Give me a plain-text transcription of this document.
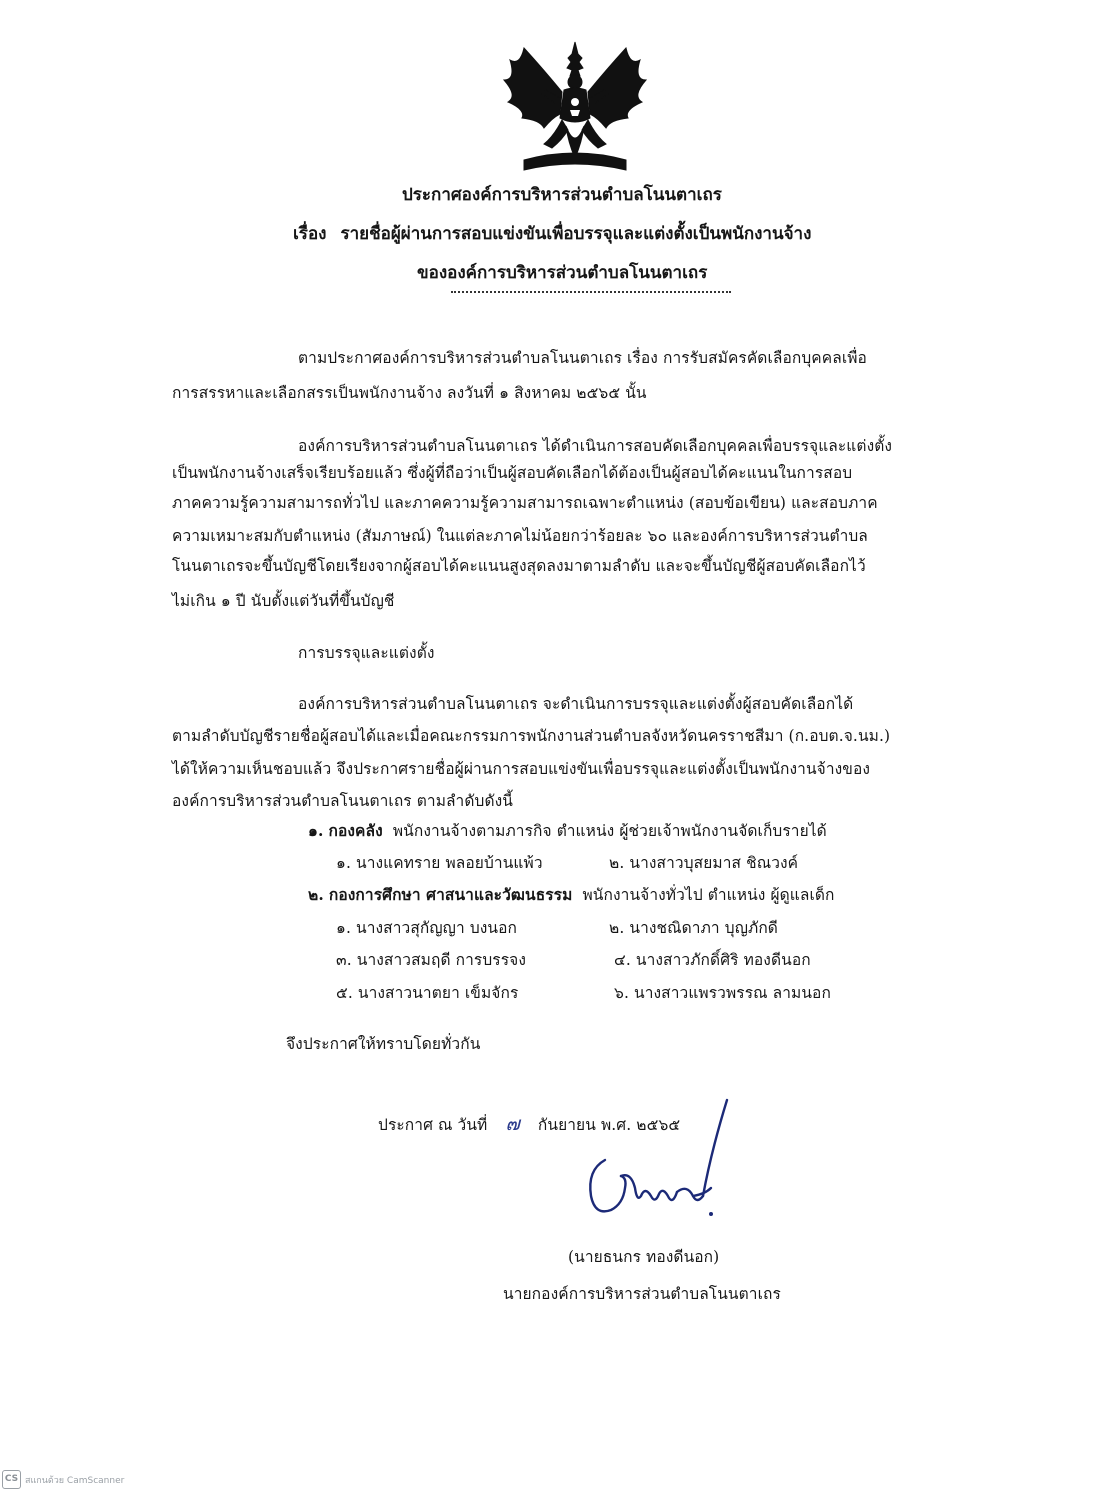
ประกาศองค์การบริหารส่วนตำบลโนนตาเถร
เรื่อง รายชื่อผู้ผ่านการสอบแข่งขันเพื่อบรรจุและแต่งตั้งเป็นพนักงานจ้าง
ขององค์การบริหารส่วนตำบลโนนตาเถร
ตามประกาศองค์การบริหารส่วนตำบลโนนตาเถร เรื่อง การรับสมัครคัดเลือกบุคคลเพื่อ
การสรรหาและเลือกสรรเป็นพนักงานจ้าง ลงวันที่ ๑ สิงหาคม ๒๕๖๕ นั้น
องค์การบริหารส่วนตำบลโนนตาเถร ได้ดำเนินการสอบคัดเลือกบุคคลเพื่อบรรจุและแต่งตั้ง
เป็นพนักงานจ้างเสร็จเรียบร้อยแล้ว ซึ่งผู้ที่ถือว่าเป็นผู้สอบคัดเลือกได้ต้องเป็นผู้สอบได้คะแนนในการสอบ
ภาคความรู้ความสามารถทั่วไป และภาคความรู้ความสามารถเฉพาะตำแหน่ง (สอบข้อเขียน) และสอบภาค
ความเหมาะสมกับตำแหน่ง (สัมภาษณ์) ในแต่ละภาคไม่น้อยกว่าร้อยละ ๖๐ และองค์การบริหารส่วนตำบล
โนนตาเถรจะขึ้นบัญชีโดยเรียงจากผู้สอบได้คะแนนสูงสุดลงมาตามลำดับ และจะขึ้นบัญชีผู้สอบคัดเลือกไว้
ไม่เกิน ๑ ปี นับตั้งแต่วันที่ขึ้นบัญชี
การบรรจุและแต่งตั้ง
องค์การบริหารส่วนตำบลโนนตาเถร จะดำเนินการบรรจุและแต่งตั้งผู้สอบคัดเลือกได้
ตามลำดับบัญชีรายชื่อผู้สอบได้และเมื่อคณะกรรมการพนักงานส่วนตำบลจังหวัดนครราชสีมา (ก.อบต.จ.นม.)
ได้ให้ความเห็นชอบแล้ว จึงประกาศรายชื่อผู้ผ่านการสอบแข่งขันเพื่อบรรจุและแต่งตั้งเป็นพนักงานจ้างของ
องค์การบริหารส่วนตำบลโนนตาเถร ตามลำดับดังนี้
๑. กองคลัง พนักงานจ้างตามภารกิจ ตำแหน่ง ผู้ช่วยเจ้าพนักงานจัดเก็บรายได้
๑. นางแคทราย พลอยบ้านแพ้ว	๒. นางสาวบุสยมาส ชิณวงค์
๒. กองการศึกษา ศาสนาและวัฒนธรรม พนักงานจ้างทั่วไป ตำแหน่ง ผู้ดูแลเด็ก
๑. นางสาวสุกัญญา บงนอก	๒. นางชณิดาภา บุญภักดี
๓. นางสาวสมฤดี การบรรจง	๔. นางสาวภักดิ์ศิริ ทองดีนอก
๕. นางสาวนาตยา เข็มจักร	๖. นางสาวแพรวพรรณ ลามนอก
จึงประกาศให้ทราบโดยทั่วกัน
ประกาศ ณ วันที่ ๗ กันยายน พ.ศ. ๒๕๖๕
(นายธนกร ทองดีนอก)
นายกองค์การบริหารส่วนตำบลโนนตาเถร
CS สแกนด้วย CamScanner
